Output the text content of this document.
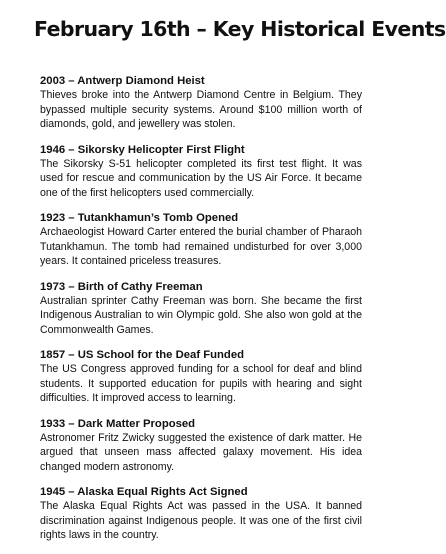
February 16th – Key Historical Events

2003 – Antwerp Diamond Heist

Thieves broke into the Antwerp Diamond Centre in Belgium. They bypassed multiple security systems. Around $100 million worth of diamonds, gold, and jewellery was stolen.

1946 – Sikorsky Helicopter First Flight

The Sikorsky S-51 helicopter completed its first test flight. It was used for rescue and communication by the US Air Force. It became one of the first helicopters used commercially.

1923 – Tutankhamun’s Tomb Opened

Archaeologist Howard Carter entered the burial chamber of Pharaoh Tutankhamun. The tomb had remained undisturbed for over 3,000 years. It contained priceless treasures.

1973 – Birth of Cathy Freeman

Australian sprinter Cathy Freeman was born. She became the first Indigenous Australian to win Olympic gold. She also won gold at the Commonwealth Games.

1857 – US School for the Deaf Funded

The US Congress approved funding for a school for deaf and blind students. It supported education for pupils with hearing and sight difficulties. It improved access to learning.

1933 – Dark Matter Proposed

Astronomer Fritz Zwicky suggested the existence of dark matter. He argued that unseen mass affected galaxy movement. His idea changed modern astronomy.

1945 – Alaska Equal Rights Act Signed

The Alaska Equal Rights Act was passed in the USA. It banned discrimination against Indigenous people. It was one of the first civil rights laws in the country.
